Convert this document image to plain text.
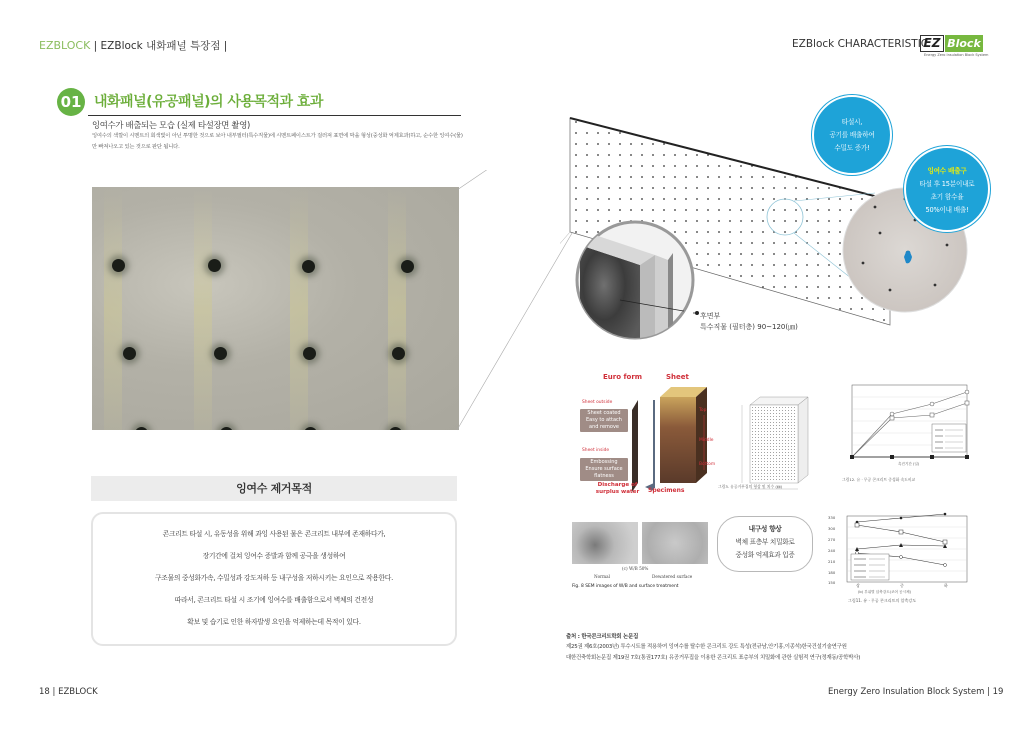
EZBLOCK | EZBlock 내화패널 특장점 |	EZBlock CHARACTERISTIC
EZ Block
Energy Zero Insulation Block System
01 내화패널(유공패널)의 사용목적과 효과
잉여수가 배출되는 모습 (실제 타설장면 촬영)
잉여수의 색깔이 시멘트의 회색빛이 아닌 투명한 것으로 보아 내부필터(특수직물)에 시멘트페이스트가 걸러져 표면에 막을 형성(중성화 억제효과)하고, 순수한 잉여수(물)만 빠져나오고 있는 것으로 판단 됩니다.
잉여수 제거목적

콘크리트 타설 시, 유동성을 위해 과잉 사용된 물은 콘크리트 내부에 존재하다가,

장기간에 걸쳐 잉여수 증발과 함께 공극을 생성하여

구조물의 중성화가속, 수밀성과 강도저하 등 내구성을 저하시키는 요인으로 작용한다.

따라서, 콘크리트 타설 시 조기에 잉여수를 배출함으로서 벽체의 건전성

확보 및 습기로 인한 하자발생 요인을 억제하는데 목적이 있다.

타설시,
공기를 배출하여
수밀도 증가!
잉여수 배출구
타설 후 15분이내로
초기 함수율
50%이내 배출!
후면부
특수직물 (필터층) 90~120(㎛)
Euro form	Sheet
Sheet outside
Sheet coated
Easy to attach and remove
Sheet inside
Embossing
Ensure surface flatness
Discharge of surplus water	Specimens
Top
Middle
Bottom
그림3. 유공거푸집의 형상 및 치수 (㎜)
촉진기간 (일)
그림12. 유 · 무공 콘크리트 중성화 속도비교
(c) W/B 50%
Normal	Dewatered surface
Fig. 8 SEM images of W/B and surface treatment
내구성 향상
벽체 표층부 치밀화로
중성화 억제효과 입증
330
300
270
240
210
180
150
상	중	하
(b) 부위별 압축강도(코어 공시체)
그림11. 유 · 무공 콘크리트의 압축강도
출처 : 한국콘크리트학회 논문집
제25권 제6호(2003년) 투수시트를 적용하여 잉여수를 탈수한 콘크리트 강도 특성(전규남,안기홍,이종석)한국건설기술연구원
대한건축학회논문집 제19권 7호(통권177호) 유공거푸집을 이용한 콘크리트 표층부의 치밀화에 관한 실험적 연구(정재동/공학박사)
18 | EZBLOCK	Energy Zero Insulation Block System | 19
